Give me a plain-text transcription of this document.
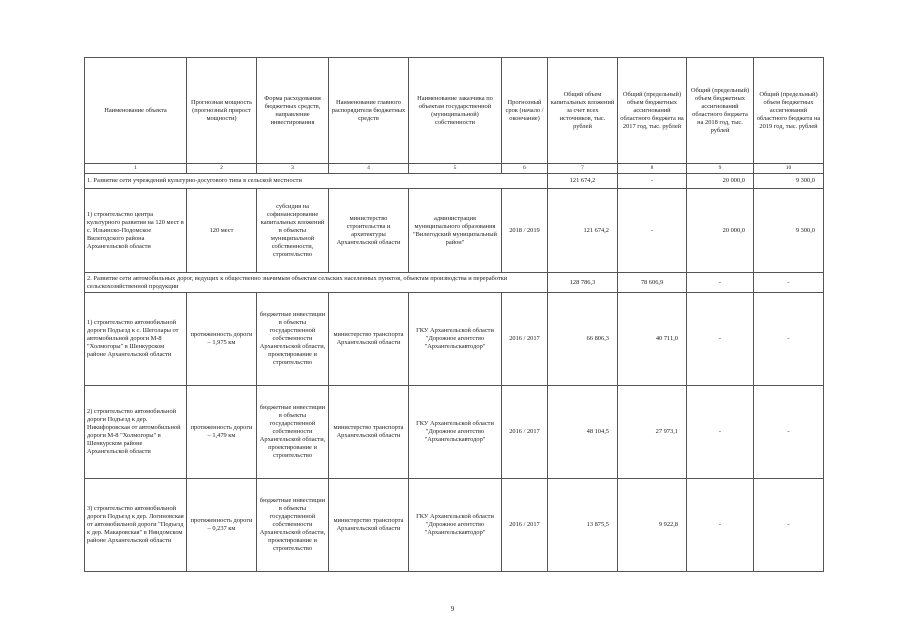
Наименование объекта	Прогнозная мощность (прогнозный прирост мощности)	Форма расходования бюджетных средств, направление инвестирования	Наименование главного распорядителя бюджетных средств	Наименование заказчика по объектам государственной (муниципальной) собственности	Прогнозный срок (начало / окончание)	Общий объем капитальных вложений за счет всех источников, тыс. рублей	Общий (предельный) объем бюджетных ассигнований областного бюджета на 2017 год, тыс. рублей	Общий (предельный) объем бюджетных ассигнований областного бюджета на 2018 год, тыс. рублей	Общий (предельный) объем бюджетных ассигнований областного бюджета на 2019 год, тыс. рублей
1	2	3	4	5	6	7	8	9	10
1. Развитие сети учреждений культурно-досугового типа в сельской местности						121 674,2	-	20 000,0	9 300,0
1) строительство центра культурного развития на 120 мест в с. Ильинско-Подомское Вилегодского района Архангельской области	120 мест	субсидия на софинансирование капитальных вложений в объекты муниципальной собственности, строительство	министерство строительства и архитектуры Архангельской области	администрация муниципального образования "Вилегодский муниципальный район"	2018 / 2019	121 674,2	-	20 000,0	9 300,0
2. Развитие сети автомобильных дорог, ведущих к общественно значимым объектам сельских населенных пунктов, объектам производства и переработки сельскохозяйственной продукции						128 786,3	78 606,9	-	-
1) строительство автомобильной дороги Подъезд к с. Шеголары от автомобильной дороги М-8 "Холмогоры" в Шенкурском районе Архангельской области	протяженность дороги – 1,975 км	бюджетные инвестиции в объекты государственной собственности Архангельской области, проектирование и строительство	министерство транспорта Архангельской области	ГКУ Архангельской области "Дорожное агентство "Архангельскавтодор"	2016 / 2017	66 806,3	40 711,0	-	-
2) строительство автомобильной дороги Подъезд к дер. Никифоровская от автомобильной дороги М-8 "Холмогоры" в Шенкурском районе Архангельской области	протяженность дороги – 1,479 км	бюджетные инвестиции в объекты государственной собственности Архангельской области, проектирование и строительство	министерство транспорта Архангельской области	ГКУ Архангельской области "Дорожное агентство "Архангельскавтодор"	2016 / 2017	48 104,5	27 973,1	-	-
3) строительство автомобильной дороги Подъезд к дер. Логиновская от автомобильной дороги "Подъезд к дер. Макаровская" в Няндомском районе Архангельской области	протяженность дороги – 0,237 км	бюджетные инвестиции в объекты государственной собственности Архангельской области, проектирование и строительство	министерство транспорта Архангельской области	ГКУ Архангельской области "Дорожное агентство "Архангельскавтодор"	2016 / 2017	13 875,5	9 922,8	-	-
9
